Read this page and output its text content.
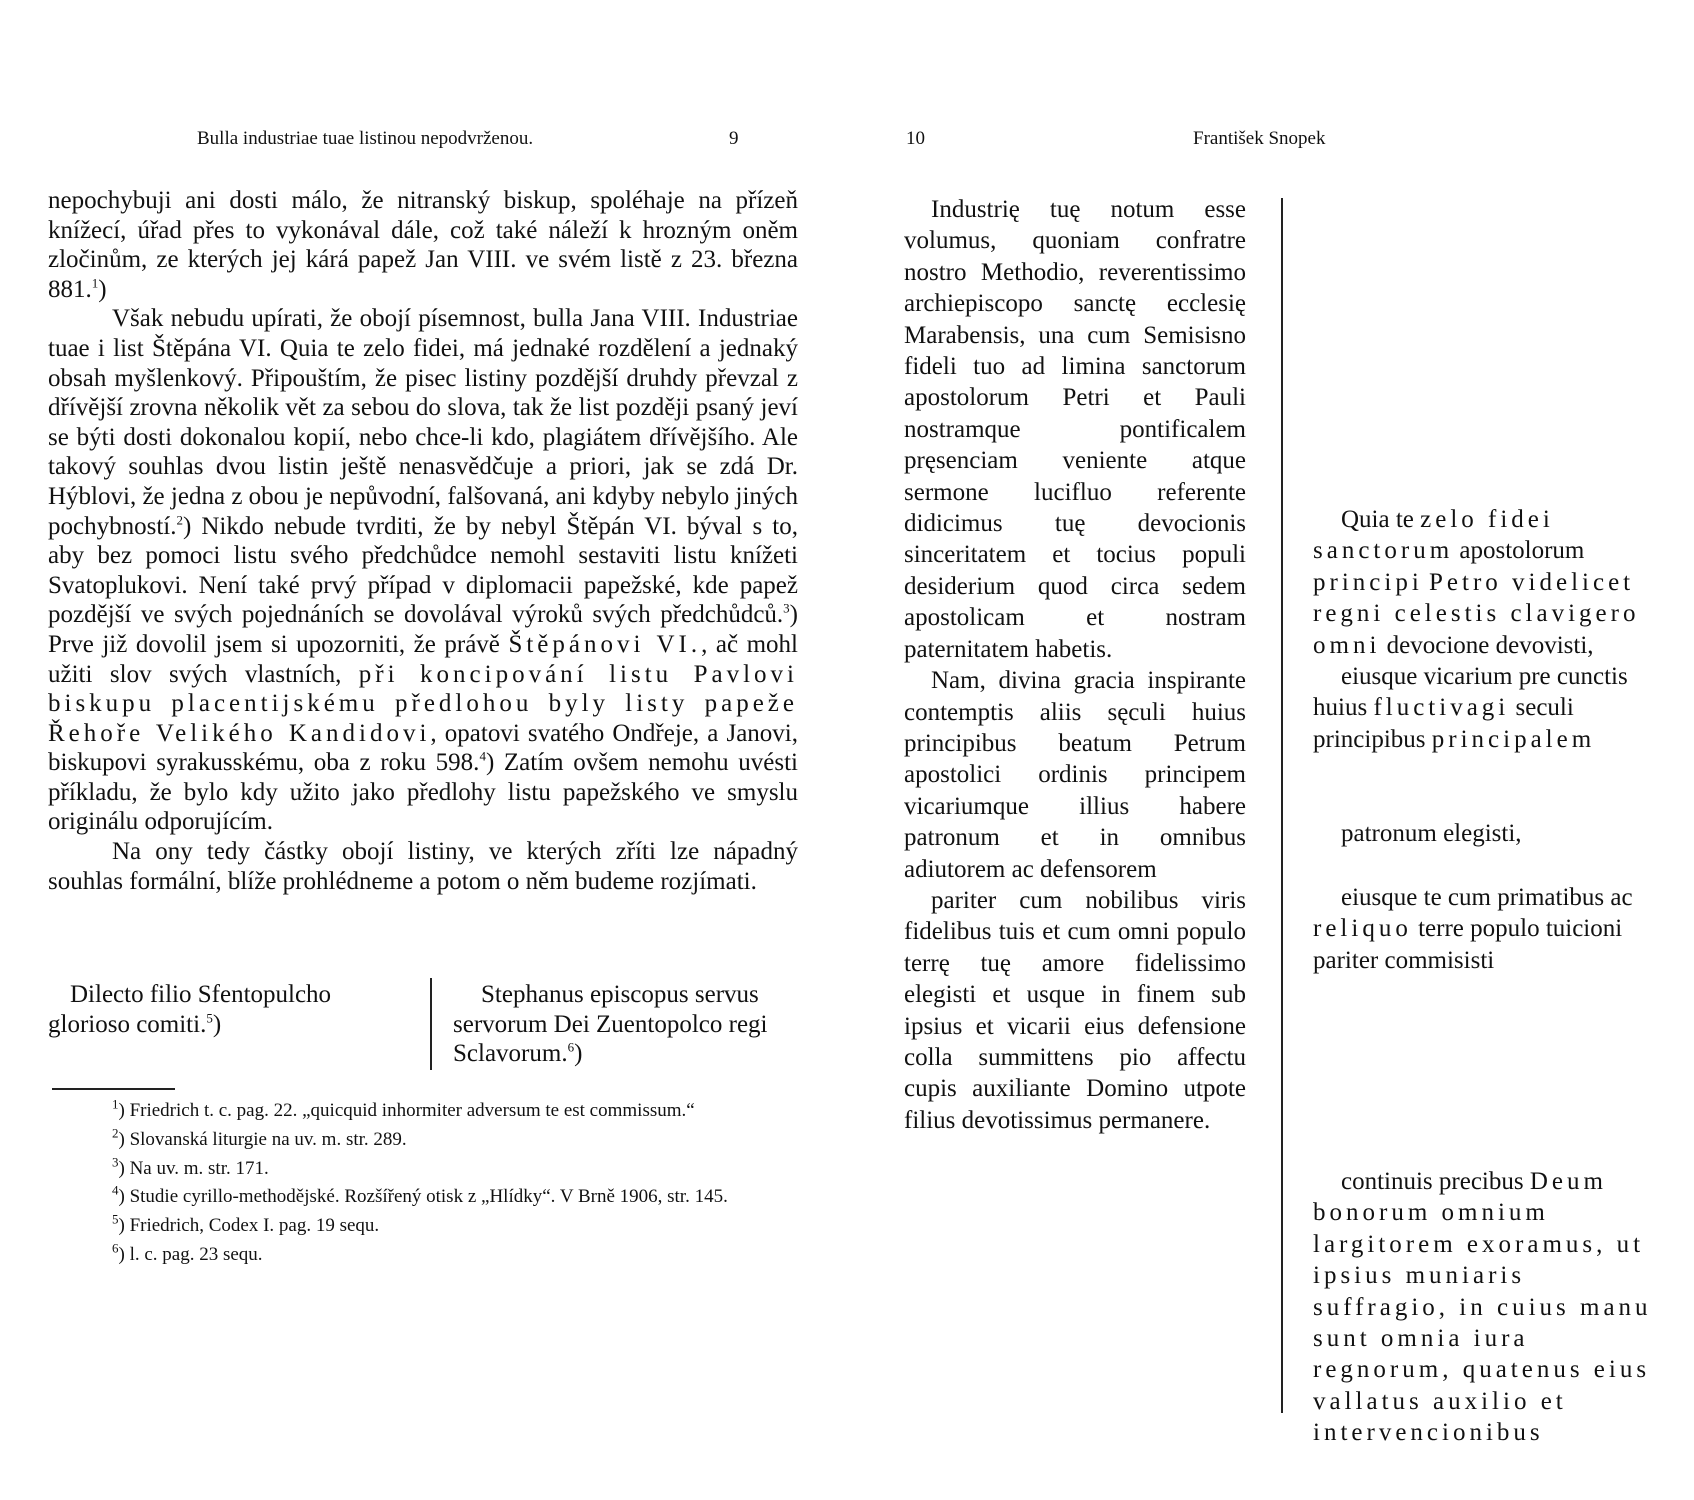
Bulla industriae tuae listinou nepodvrženou.	9

nepochybuji ani dosti málo, že nitranský biskup, spoléhaje na přízeň knížecí, úřad přes to vykonával dále, což také náleží k hrozným oněm zločinům, ze kterých jej kárá papež Jan VIII. ve svém listě z 23. března 881.$^1$)

Však nebudu upírati, že obojí písemnost, bulla Jana VIII. Industriae tuae i list Štěpána VI. Quia te zelo fidei, má jednaké rozdělení a jednaký obsah myšlenkový. Připouštím, že pisec listiny pozdější druhdy převzal z dřívější zrovna několik vět za sebou do slova, tak že list později psaný jeví se býti dosti dokonalou kopií, nebo chce-li kdo, plagiátem dřívějšího. Ale takový souhlas dvou listin ještě nenasvědčuje a priori, jak se zdá Dr. Hýblovi, že jedna z obou je nepůvodní, falšovaná, ani kdyby nebylo jiných pochybností.$^2$) Nikdo nebude tvrditi, že by nebyl Štěpán VI. býval s to, aby bez pomoci listu svého předchůdce nemohl sestaviti listu knížeti Svatoplukovi. Není také prvý případ v diplomacii papežské, kde papež pozdější ve svých pojednáních se dovolával výroků svých předchůdců.$^3$) Prve již dovolil jsem si upozorniti, že právě Štěpánovi VI., ač mohl užiti slov svých vlastních, při koncipování listu Pavlovi biskupu placentijskému předlohou byly listy papeže Řehoře Velikého Kandidovi, opatovi svatého Ondřeje, a Janovi, biskupovi syrakusskému, oba z roku 598.$^4$) Zatím ovšem nemohu uvésti příkladu, že bylo kdy užito jako předlohy listu papežského ve smyslu originálu odporujícím.

Na ony tedy částky obojí listiny, ve kterých zříti lze nápadný souhlas formální, blíže prohlédneme a potom o něm budeme rozjímati.

Dilecto filio Sfentopulcho glorioso comiti.$^5$)
Stephanus episcopus servus servorum Dei Zuentopolco regi Sclavorum.$^6$)

$^1$) Friedrich t. c. pag. 22. „quicquid inhormiter adversum te est commissum.“

$^2$) Slovanská liturgie na uv. m. str. 289.

$^3$) Na uv. m. str. 171.

$^4$) Studie cyrillo-methodějské. Rozšířený otisk z „Hlídky“. V Brně 1906, str. 145.

$^5$) Friedrich, Codex I. pag. 19 sequ.

$^6$) l. c. pag. 23 sequ.

10	František Snopek

Industrię tuę notum esse volumus, quoniam confratre nostro Methodio, reverentissimo archiepiscopo sanctę ecclesię Marabensis, una cum Semisisno fideli tuo ad limina sanctorum apostolorum Petri et Pauli nostramque pontificalem pręsenciam veniente atque sermone lucifluo referente didicimus tuę devocionis sinceritatem et tocius populi desiderium quod circa sedem apostolicam et nostram paternitatem habetis.

Nam, divina gracia inspirante contemptis aliis sęculi huius principibus beatum Petrum apostolici ordinis principem vicariumque illius habere patronum et in omnibus adiutorem ac defensorem

pariter cum nobilibus viris fidelibus tuis et cum omni populo terrę tuę amore fidelissimo elegisti et usque in finem sub ipsius et vicarii eius defensione colla summittens pio affectu cupis auxiliante Domino utpote filius devotissimus permanere.

Quia te zelo fidei sanctorum apostolorum principi Petro videlicet regni celestis clavigero omni devocione devovisti,
eiusque vicarium pre cunctis huius fluctivagi seculi principibus principalem
patronum elegisti,
eiusque te cum primatibus ac reliquo terre populo tuicioni pariter commisisti
continuis precibus Deum bonorum omnium largitorem exoramus, ut ipsius muniaris suffragio, in cuius manu sunt omnia iura regnorum, quatenus eius vallatus auxilio et intervencionibus
